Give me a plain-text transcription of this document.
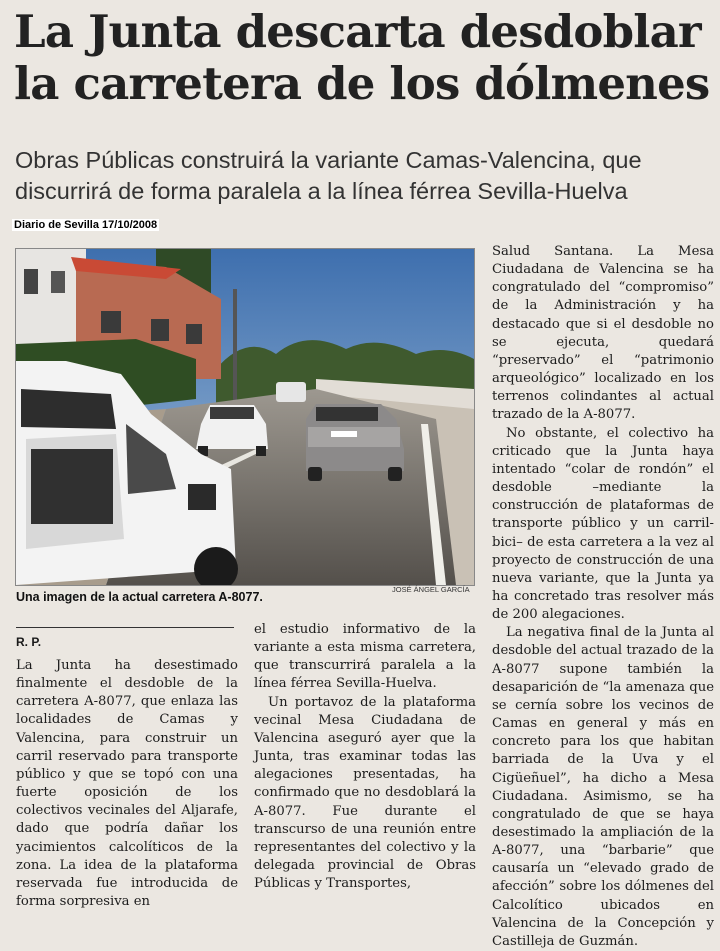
La Junta descarta desdoblar la carretera de los dólmenes
Obras Públicas construirá la variante Camas-Valencina, que discurrirá de forma paralela a la línea férrea Sevilla-Huelva
Diario de Sevilla 17/10/2008
JOSÉ ÁNGEL GARCÍA
Una imagen de la actual carretera A-8077.
R. P.

La Junta ha desestimado finalmente el desdoble de la carretera A-8077, que enlaza las localidades de Camas y Valencina, para construir un carril reservado para transporte público y que se topó con una fuerte oposición de los colectivos vecinales del Aljarafe, dado que podría dañar los yacimientos calcolíticos de la zona. La idea de la plataforma reservada fue introducida de forma sorpresiva en

el estudio informativo de la variante a esta misma carretera, que transcurrirá paralela a la línea férrea Sevilla-Huelva.

Un portavoz de la plataforma vecinal Mesa Ciudadana de Valencina aseguró ayer que la Junta, tras examinar todas las alegaciones presentadas, ha confirmado que no desdoblará la A-8077. Fue durante el transcurso de una reunión entre representantes del colectivo y la delegada provincial de Obras Públicas y Transportes,

Salud Santana. La Mesa Ciudadana de Valencina se ha congratulado del “compromiso” de la Administración y ha destacado que si el desdoble no se ejecuta, quedará “preservado” el “patrimonio arqueológico” localizado en los terrenos colindantes al actual trazado de la A-8077.

No obstante, el colectivo ha criticado que la Junta haya intentado “colar de rondón” el desdoble –mediante la construcción de plataformas de transporte público y un carril-bici– de esta carretera a la vez al proyecto de construcción de una nueva variante, que la Junta ya ha concretado tras resolver más de 200 alegaciones.

La negativa final de la Junta al desdoble del actual trazado de la A-8077 supone también la desaparición de “la amenaza que se cernía sobre los vecinos de Camas en general y más en concreto para los que habitan barriada de la Uva y el Cigüeñuel”, ha dicho a Mesa Ciudadana. Asimismo, se ha congratulado de que se haya desestimado la ampliación de la A-8077, una “barbarie” que causaría un “elevado grado de afección” sobre los dólmenes del Calcolítico ubicados en Valencina de la Concepción y Castilleja de Guzmán.
